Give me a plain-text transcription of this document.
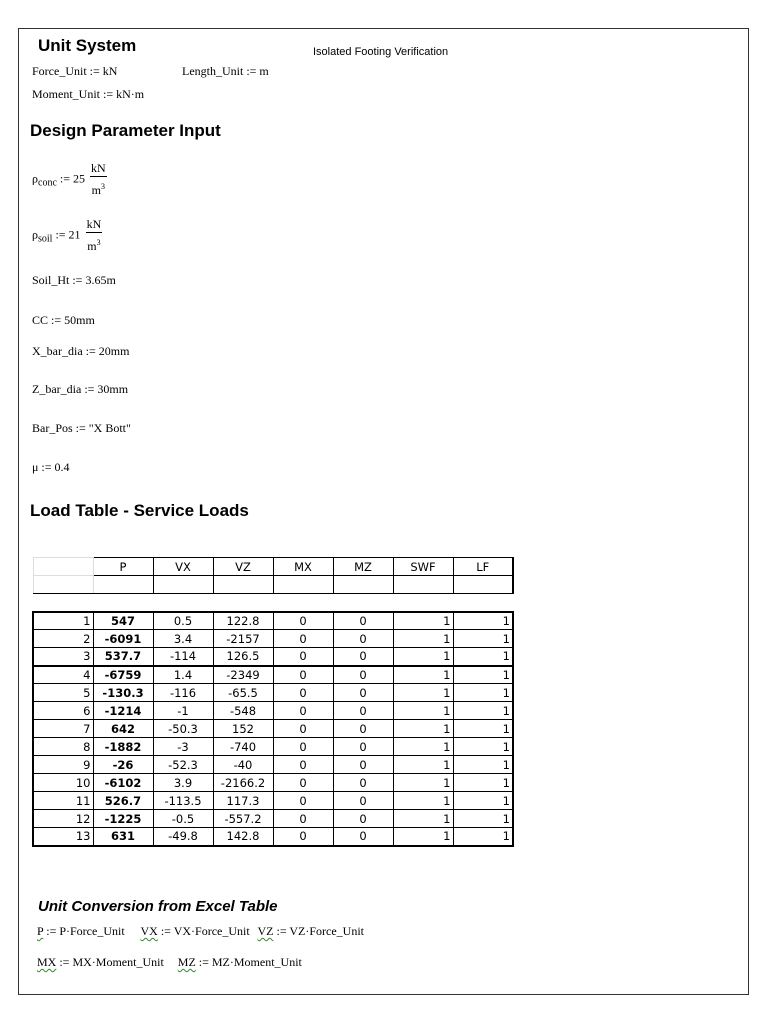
Unit System	Isolated Footing Verification
Force_Unit := kN	Length_Unit := m
Moment_Unit := kN·m
Design Parameter Input
$\rho_{conc}$ := $25 \frac{kN}{m^3}$
$\rho_{soil}$ := $21 \frac{kN}{m^3}$
Soil_Ht := 3.65m
CC := 50mm
X_bar_dia := 20mm
Z_bar_dia := 30mm
Bar_Pos := "X Bott"
μ := 0.4
Load Table - Service Loads
	P	VX	VZ	MX	MZ	SWF	LF

1	547	0.5	122.8	0	0	1	1
2	-6091	3.4	-2157	0	0	1	1
3	537.7	-114	126.5	0	0	1	1
4	-6759	1.4	-2349	0	0	1	1
5	-130.3	-116	-65.5	0	0	1	1
6	-1214	-1	-548	0	0	1	1
7	642	-50.3	152	0	0	1	1
8	-1882	-3	-740	0	0	1	1
9	-26	-52.3	-40	0	0	1	1
10	-6102	3.9	-2166.2	0	0	1	1
11	526.7	-113.5	117.3	0	0	1	1
12	-1225	-0.5	-557.2	0	0	1	1
13	631	-49.8	142.8	0	0	1	1
Unit Conversion from Excel Table
P := P·Force_Unit VX := VX·Force_Unit VZ := VZ·Force_Unit
MX := MX·Moment_Unit MZ := MZ·Moment_Unit
